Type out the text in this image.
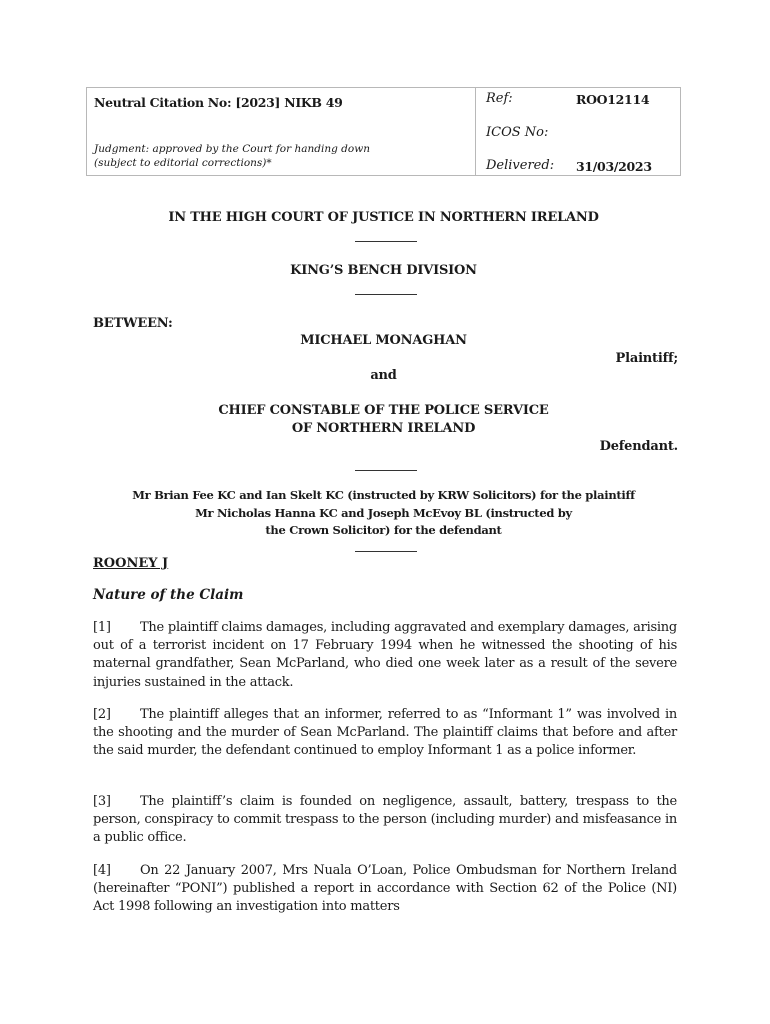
Neutral Citation No: [2023] NIKB 49
Judgment: approved by the Court for handing down
(subject to editorial corrections)*
Ref:	ROO12114
ICOS No:
Delivered: 31/03/2023
IN THE HIGH COURT OF JUSTICE IN NORTHERN IRELAND
KING’S BENCH DIVISION
BETWEEN:
MICHAEL MONAGHAN
Plaintiff;
and
CHIEF CONSTABLE OF THE POLICE SERVICE
OF NORTHERN IRELAND
Defendant.
Mr Brian Fee KC and Ian Skelt KC (instructed by KRW Solicitors) for the plaintiff
Mr Nicholas Hanna KC and Joseph McEvoy BL (instructed by
the Crown Solicitor) for the defendant
ROONEY J
Nature of the Claim
[1] The plaintiff claims damages, including aggravated and exemplary damages, arising out of a terrorist incident on 17 February 1994 when he witnessed the shooting of his maternal grandfather, Sean McParland, who died one week later as a result of the severe injuries sustained in the attack.
[2] The plaintiff alleges that an informer, referred to as “Informant 1” was involved in the shooting and the murder of Sean McParland. The plaintiff claims that before and after the said murder, the defendant continued to employ Informant 1 as a police informer.
[3] The plaintiff’s claim is founded on negligence, assault, battery, trespass to the person, conspiracy to commit trespass to the person (including murder) and misfeasance in a public office.
[4] On 22 January 2007, Mrs Nuala O’Loan, Police Ombudsman for Northern Ireland (hereinafter “PONI”) published a report in accordance with Section 62 of the Police (NI) Act 1998 following an investigation into matters
